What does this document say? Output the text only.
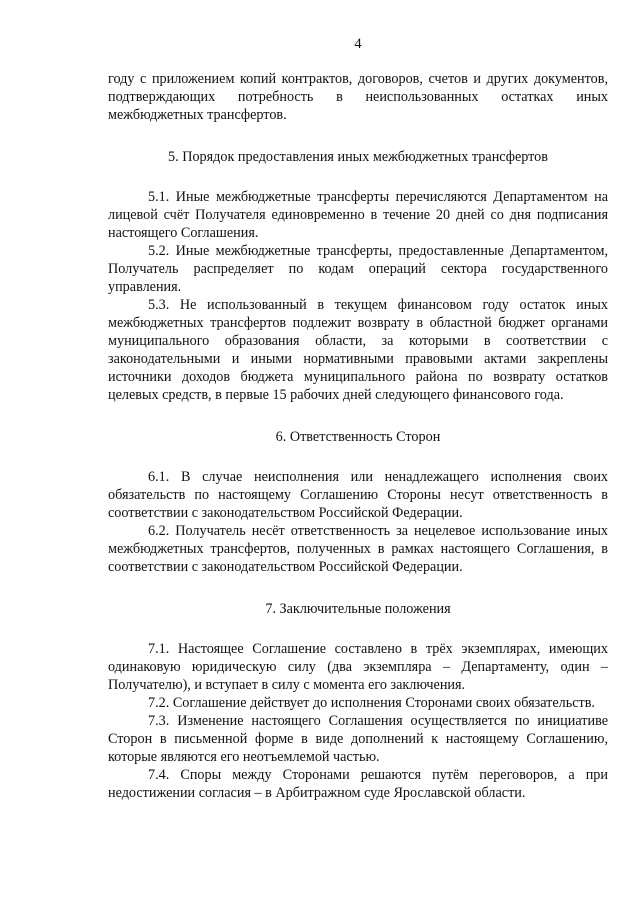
4

году с приложением копий контрактов, договоров, счетов и других документов, подтверждающих потребность в неиспользованных остатках иных межбюджетных трансфертов.

5. Порядок предоставления иных межбюджетных трансфертов

5.1. Иные межбюджетные трансферты перечисляются Департаментом на лицевой счёт Получателя единовременно в течение 20 дней со дня подписания настоящего Соглашения.

5.2. Иные межбюджетные трансферты, предоставленные Департаментом, Получатель распределяет по кодам операций сектора государственного управления.

5.3. Не использованный в текущем финансовом году остаток иных межбюджетных трансфертов подлежит возврату в областной бюджет органами муниципального образования области, за которыми в соответствии с законодательными и иными нормативными правовыми актами закреплены источники доходов бюджета муниципального района по возврату остатков целевых средств, в первые 15 рабочих дней следующего финансового года.

6. Ответственность Сторон

6.1. В случае неисполнения или ненадлежащего исполнения своих обязательств по настоящему Соглашению Стороны несут ответственность в соответствии с законодательством Российской Федерации.

6.2. Получатель несёт ответственность за нецелевое использование иных межбюджетных трансфертов, полученных в рамках настоящего Соглашения, в соответствии с законодательством Российской Федерации.

7. Заключительные положения

7.1. Настоящее Соглашение составлено в трёх экземплярах, имеющих одинаковую юридическую силу (два экземпляра – Департаменту, один – Получателю), и вступает в силу с момента его заключения.

7.2. Соглашение действует до исполнения Сторонами своих обязательств.

7.3. Изменение настоящего Соглашения осуществляется по инициативе Сторон в письменной форме в виде дополнений к настоящему Соглашению, которые являются его неотъемлемой частью.

7.4. Споры между Сторонами решаются путём переговоров, а при недостижении согласия – в Арбитражном суде Ярославской области.
